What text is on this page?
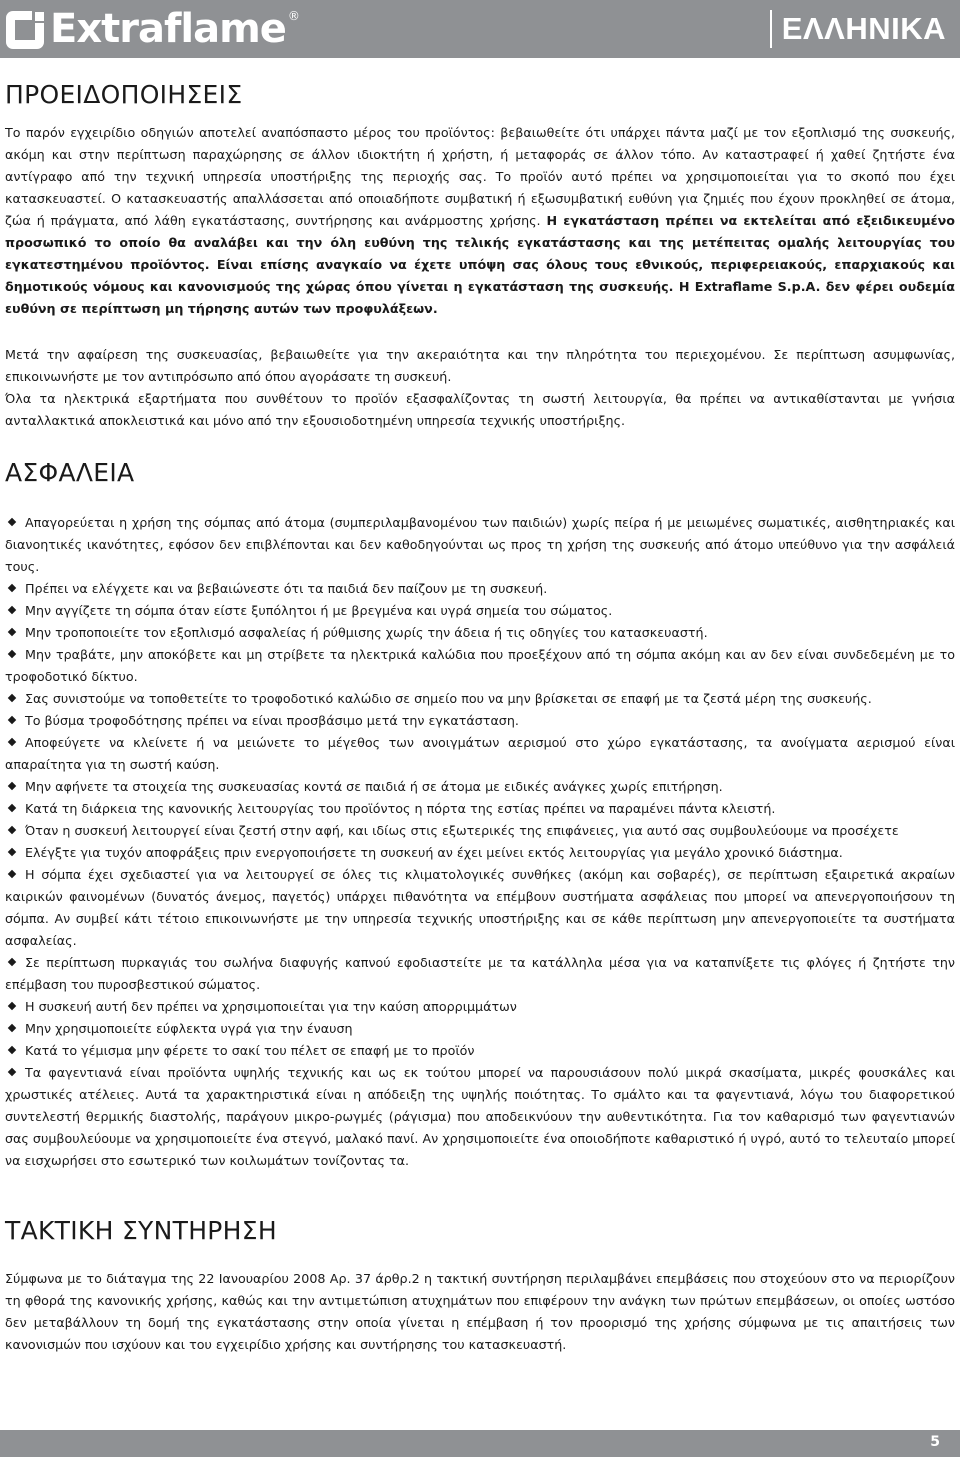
Extraflame ®	ΕΛΛΗΝΙΚΑ
ΠΡΟΕΙΔΟΠΟΙΗΣΕΙΣ

Το παρόν εγχειρίδιο οδηγιών αποτελεί αναπόσπαστο μέρος του προϊόντος: βεβαιωθείτε ότι υπάρχει πάντα μαζί με τον εξοπλισμό της συσκευής, ακόμη και στην περίπτωση παραχώρησης σε άλλον ιδιοκτήτη ή χρήστη, ή μεταφοράς σε άλλον τόπο. Αν καταστραφεί ή χαθεί ζητήστε ένα αντίγραφο από την τεχνική υπηρεσία υποστήριξης της περιοχής σας. Το προϊόν αυτό πρέπει να χρησιμοποιείται για το σκοπό που έχει κατασκευαστεί. Ο κατασκευαστής απαλλάσσεται από οποιαδήποτε συμβατική ή εξωσυμβατική ευθύνη για ζημιές που έχουν προκληθεί σε άτομα, ζώα ή πράγματα, από λάθη εγκατάστασης, συντήρησης και ανάρμοστης χρήσης. Η εγκατάσταση πρέπει να εκτελείται από εξειδικευμένο προσωπικό το οποίο θα αναλάβει και την όλη ευθύνη της τελικής εγκατάστασης και της μετέπειτας ομαλής λειτουργίας του εγκατεστημένου προϊόντος. Είναι επίσης αναγκαίο να έχετε υπόψη σας όλους τους εθνικούς, περιφερειακούς, επαρχιακούς και δημοτικούς νόμους και κανονισμούς της χώρας όπου γίνεται η εγκατάσταση της συσκευής. Η Extraflame S.p.A. δεν φέρει ουδεμία ευθύνη σε περίπτωση μη τήρησης αυτών των προφυλάξεων.

Μετά την αφαίρεση της συσκευασίας, βεβαιωθείτε για την ακεραιότητα και την πληρότητα του περιεχομένου. Σε περίπτωση ασυμφωνίας, επικοινωνήστε με τον αντιπρόσωπο από όπου αγοράσατε τη συσκευή.

Όλα τα ηλεκτρικά εξαρτήματα που συνθέτουν το προϊόν εξασφαλίζοντας τη σωστή λειτουργία, θα πρέπει να αντικαθίστανται με γνήσια ανταλλακτικά αποκλειστικά και μόνο από την εξουσιοδοτημένη υπηρεσία τεχνικής υποστήριξης.

ΑΣΦΑΛΕΙΑ
Απαγορεύεται η χρήση της σόμπας από άτομα (συμπεριλαμβανομένου των παιδιών) χωρίς πείρα ή με μειωμένες σωματικές, αισθητηριακές και διανοητικές ικανότητες, εφόσον δεν επιβλέπονται και δεν καθοδηγούνται ως προς τη χρήση της συσκευής από άτομο υπεύθυνο για την ασφάλειά τους.
Πρέπει να ελέγχετε και να βεβαιώνεστε ότι τα παιδιά δεν παίζουν με τη συσκευή.
Μην αγγίζετε τη σόμπα όταν είστε ξυπόλητοι ή με βρεγμένα και υγρά σημεία του σώματος.
Μην τροποποιείτε τον εξοπλισμό ασφαλείας ή ρύθμισης χωρίς την άδεια ή τις οδηγίες του κατασκευαστή.
Μην τραβάτε, μην αποκόβετε και μη στρίβετε τα ηλεκτρικά καλώδια που προεξέχουν από τη σόμπα ακόμη και αν δεν είναι συνδεδεμένη με το τροφοδοτικό δίκτυο.
Σας συνιστούμε να τοποθετείτε το τροφοδοτικό καλώδιο σε σημείο που να μην βρίσκεται σε επαφή με τα ζεστά μέρη της συσκευής.
Το βύσμα τροφοδότησης πρέπει να είναι προσβάσιμο μετά την εγκατάσταση.
Αποφεύγετε να κλείνετε ή να μειώνετε το μέγεθος των ανοιγμάτων αερισμού στο χώρο εγκατάστασης, τα ανοίγματα αερισμού είναι απαραίτητα για τη σωστή καύση.
Μην αφήνετε τα στοιχεία της συσκευασίας κοντά σε παιδιά ή σε άτομα με ειδικές ανάγκες χωρίς επιτήρηση.
Κατά τη διάρκεια της κανονικής λειτουργίας του προϊόντος η πόρτα της εστίας πρέπει να παραμένει πάντα κλειστή.
Όταν η συσκευή λειτουργεί είναι ζεστή στην αφή, και ιδίως στις εξωτερικές της επιφάνειες, για αυτό σας συμβουλεύουμε να προσέχετε
Ελέγξτε για τυχόν αποφράξεις πριν ενεργοποιήσετε τη συσκευή αν έχει μείνει εκτός λειτουργίας για μεγάλο χρονικό διάστημα.
Η σόμπα έχει σχεδιαστεί για να λειτουργεί σε όλες τις κλιματολογικές συνθήκες (ακόμη και σοβαρές), σε περίπτωση εξαιρετικά ακραίων καιρικών φαινομένων (δυνατός άνεμος, παγετός) υπάρχει πιθανότητα να επέμβουν συστήματα ασφάλειας που μπορεί να απενεργοποιήσουν τη σόμπα. Αν συμβεί κάτι τέτοιο επικοινωνήστε με την υπηρεσία τεχνικής υποστήριξης και σε κάθε περίπτωση μην απενεργοποιείτε τα συστήματα ασφαλείας.
Σε περίπτωση πυρκαγιάς του σωλήνα διαφυγής καπνού εφοδιαστείτε με τα κατάλληλα μέσα για να καταπνίξετε τις φλόγες ή ζητήστε την επέμβαση του πυροσβεστικού σώματος.
Η συσκευή αυτή δεν πρέπει να χρησιμοποιείται για την καύση απορριμμάτων
Μην χρησιμοποιείτε εύφλεκτα υγρά για την έναυση
Κατά το γέμισμα μην φέρετε το σακί του πέλετ σε επαφή με το προϊόν
Τα φαγεντιανά είναι προϊόντα υψηλής τεχνικής και ως εκ τούτου μπορεί να παρουσιάσουν πολύ μικρά σκασίματα, μικρές φουσκάλες και χρωστικές ατέλειες. Αυτά τα χαρακτηριστικά είναι η απόδειξη της υψηλής ποιότητας. Το σμάλτο και τα φαγεντιανά, λόγω του διαφορετικού συντελεστή θερμικής διαστολής, παράγουν μικρο-ρωγμές (ράγισμα) που αποδεικνύουν την αυθεντικότητα. Για τον καθαρισμό των φαγεντιανών σας συμβουλεύουμε να χρησιμοποιείτε ένα στεγνό, μαλακό πανί. Αν χρησιμοποιείτε ένα οποιοδήποτε καθαριστικό ή υγρό, αυτό το τελευταίο μπορεί να εισχωρήσει στο εσωτερικό των κοιλωμάτων τονίζοντας τα.
ΤΑΚΤΙΚΗ ΣΥΝΤΗΡΗΣΗ

Σύμφωνα με το διάταγμα της 22 Ιανουαρίου 2008 Αρ. 37 άρθρ.2 η τακτική συντήρηση περιλαμβάνει επεμβάσεις που στοχεύουν στο να περιορίζουν τη φθορά της κανονικής χρήσης, καθώς και την αντιμετώπιση ατυχημάτων που επιφέρουν την ανάγκη των πρώτων επεμβάσεων, οι οποίες ωστόσο δεν μεταβάλλουν τη δομή της εγκατάστασης στην οποία γίνεται η επέμβαση ή τον προορισμό της χρήσης σύμφωνα με τις απαιτήσεις των κανονισμών που ισχύουν και του εγχειρίδιο χρήσης και συντήρησης του κατασκευαστή.

5
